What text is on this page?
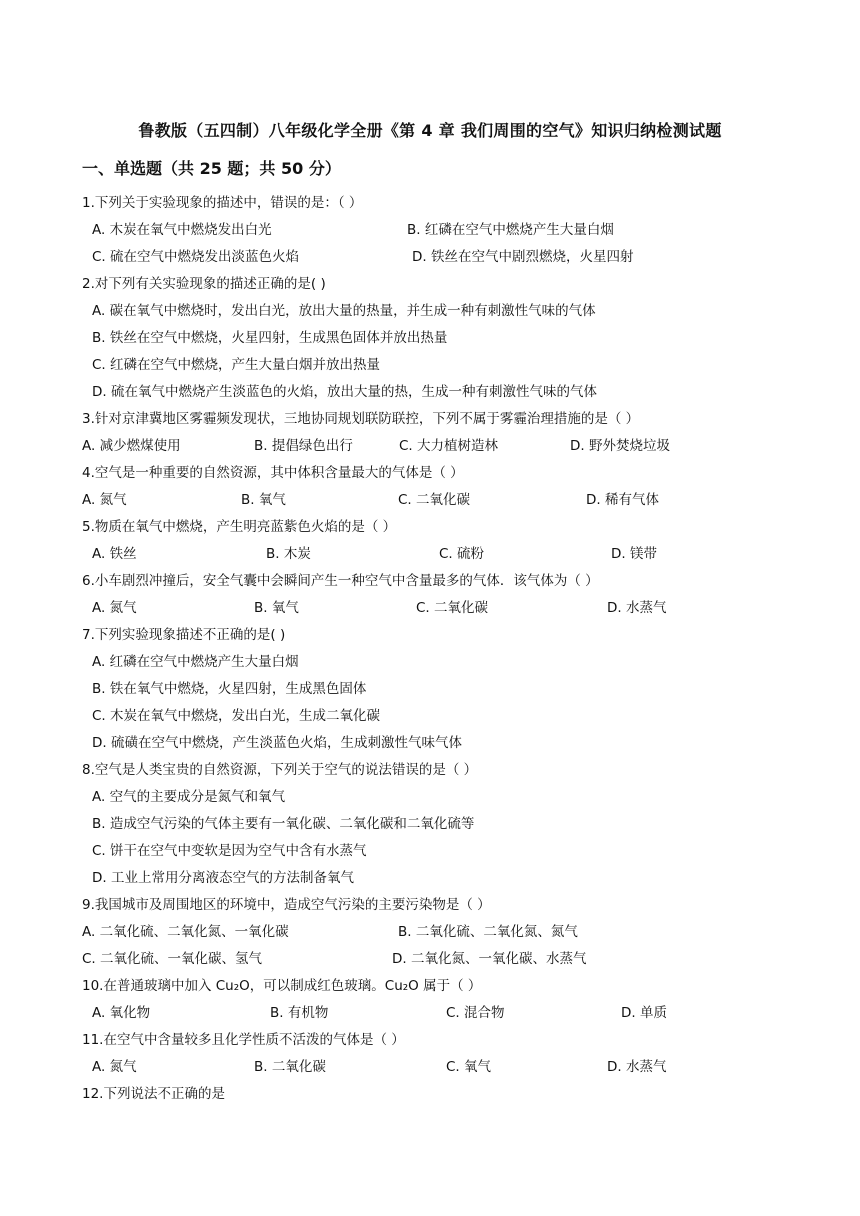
鲁教版（五四制）八年级化学全册《第 4 章 我们周围的空气》知识归纳检测试题
一、单选题（共 25 题；共 50 分）
1.下列关于实验现象的描述中，错误的是：（ ）
A. 木炭在氧气中燃烧发出白光	B. 红磷在空气中燃烧产生大量白烟
C. 硫在空气中燃烧发出淡蓝色火焰	D. 铁丝在空气中剧烈燃烧，火星四射
2.对下列有关实验现象的描述正确的是( )
A. 碳在氧气中燃烧时，发出白光，放出大量的热量，并生成一种有刺激性气味的气体
B. 铁丝在空气中燃烧，火星四射，生成黑色固体并放出热量
C. 红磷在空气中燃烧，产生大量白烟并放出热量
D. 硫在氧气中燃烧产生淡蓝色的火焰，放出大量的热，生成一种有刺激性气味的气体
3.针对京津冀地区雾霾频发现状，三地协同规划联防联控，下列不属于雾霾治理措施的是（ ）
A. 减少燃煤使用	B. 提倡绿色出行	C. 大力植树造林	D. 野外焚烧垃圾
4.空气是一种重要的自然资源，其中体积含量最大的气体是（ ）
A. 氮气	B. 氧气	C. 二氧化碳	D. 稀有气体
5.物质在氧气中燃烧，产生明亮蓝紫色火焰的是（ ）
A. 铁丝	B. 木炭	C. 硫粉	D. 镁带
6.小车剧烈冲撞后，安全气囊中会瞬间产生一种空气中含量最多的气体．该气体为（ ）
A. 氮气	B. 氧气	C. 二氧化碳	D. 水蒸气
7.下列实验现象描述不正确的是( )
A. 红磷在空气中燃烧产生大量白烟
B. 铁在氧气中燃烧，火星四射，生成黑色固体
C. 木炭在氧气中燃烧，发出白光，生成二氧化碳
D. 硫磺在空气中燃烧，产生淡蓝色火焰，生成刺激性气味气体
8.空气是人类宝贵的自然资源，下列关于空气的说法错误的是（ ）
A. 空气的主要成分是氮气和氧气
B. 造成空气污染的气体主要有一氧化碳、二氧化碳和二氧化硫等
C. 饼干在空气中变软是因为空气中含有水蒸气
D. 工业上常用分离液态空气的方法制备氧气
9.我国城市及周围地区的环境中，造成空气污染的主要污染物是（ ）
A. 二氧化硫、二氧化氮、一氧化碳	B. 二氧化硫、二氧化氮、氮气
C. 二氧化硫、一氧化碳、氢气	D. 二氧化氮、一氧化碳、水蒸气
10.在普通玻璃中加入 Cu₂O，可以制成红色玻璃。Cu₂O 属于（ ）
A. 氧化物	B. 有机物	C. 混合物	D. 单质
11.在空气中含量较多且化学性质不活泼的气体是（ ）
A. 氮气	B. 二氧化碳	C. 氧气	D. 水蒸气
12.下列说法不正确的是
